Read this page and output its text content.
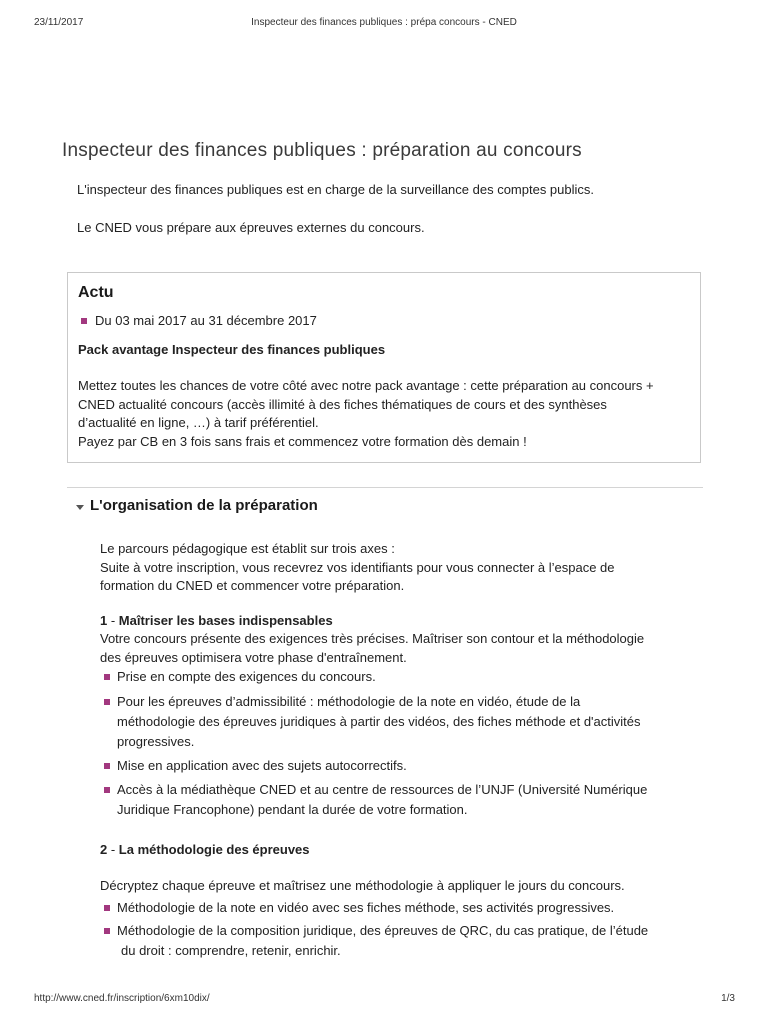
23/11/2017	Inspecteur des finances publiques : prépa concours - CNED
Inspecteur des finances publiques : préparation au concours

L'inspecteur des finances publiques est en charge de la surveillance des comptes publics.

Le CNED vous prépare aux épreuves externes du concours.

Actu
Du 03 mai 2017 au 31 décembre 2017

Pack avantage Inspecteur des finances publiques

Mettez toutes les chances de votre côté avec notre pack avantage : cette préparation au concours +
CNED actualité concours (accès illimité à des fiches thématiques de cours et des synthèses
d’actualité en ligne, …) à tarif préférentiel.
Payez par CB en 3 fois sans frais et commencez votre formation dès demain !

L'organisation de la préparation

Le parcours pédagogique est établit sur trois axes :
Suite à votre inscription, vous recevrez vos identifiants pour vous connecter à l’espace de
formation du CNED et commencer votre préparation.

1 - Maîtriser les bases indispensables

Votre concours présente des exigences très précises. Maîtriser son contour et la méthodologie
des épreuves optimisera votre phase d'entraînement.

Prise en compte des exigences du concours.
Pour les épreuves d’admissibilité : méthodologie de la note en vidéo, étude de la
méthodologie des épreuves juridiques à partir des vidéos, des fiches méthode et d'activités
progressives.
Mise en application avec des sujets autocorrectifs.
Accès à la médiathèque CNED et au centre de ressources de l’UNJF (Université Numérique
Juridique Francophone) pendant la durée de votre formation.

2 - La méthodologie des épreuves

Décryptez chaque épreuve et maîtrisez une méthodologie à appliquer le jours du concours.

Méthodologie de la note en vidéo avec ses fiches méthode, ses activités progressives.
Méthodologie de la composition juridique, des épreuves de QRC, du cas pratique, de l’étude
du droit : comprendre, retenir, enrichir.
http://www.cned.fr/inscription/6xm10dix/	1/3
